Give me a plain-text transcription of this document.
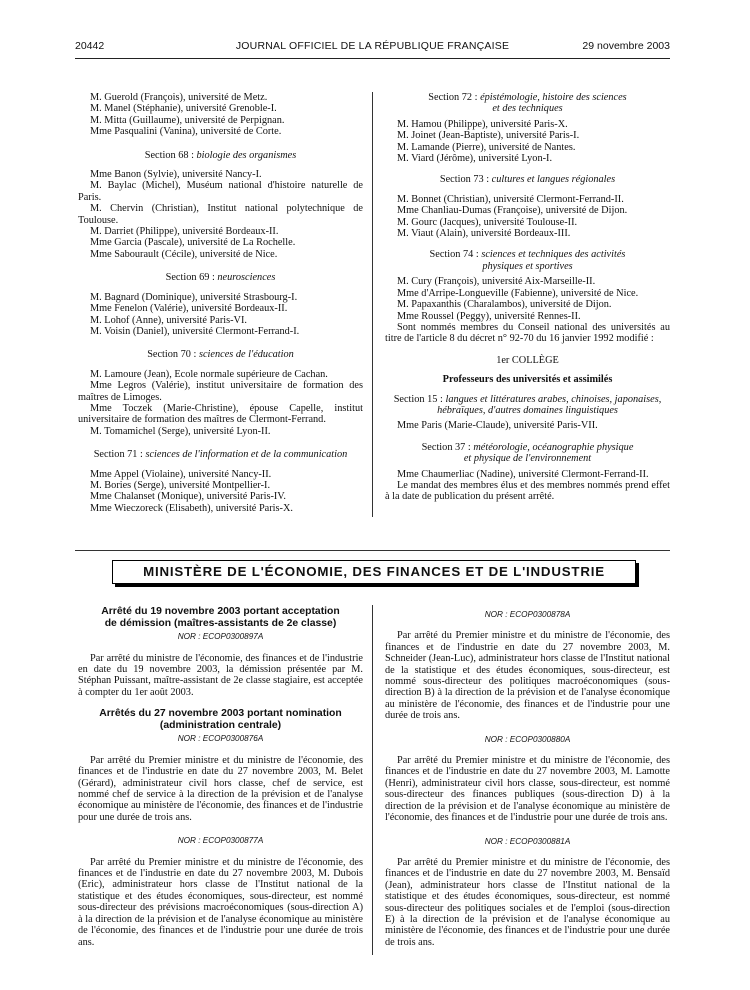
20442	JOURNAL OFFICIEL DE LA RÉPUBLIQUE FRANÇAISE	29 novembre 2003

M. Guerold (François), université de Metz.

M. Manel (Stéphanie), université Grenoble-I.

M. Mitta (Guillaume), université de Perpignan.

Mme Pasqualini (Vanina), université de Corte.

Section 68 : biologie des organismes

Mme Banon (Sylvie), université Nancy-I.

M. Baylac (Michel), Muséum national d'histoire naturelle de Paris.

M. Chervin (Christian), Institut national polytechnique de Toulouse.

M. Darriet (Philippe), université Bordeaux-II.

Mme Garcia (Pascale), université de La Rochelle.

Mme Sabourault (Cécile), université de Nice.

Section 69 : neurosciences

M. Bagnard (Dominique), université Strasbourg-I.

Mme Fenelon (Valérie), université Bordeaux-II.

M. Lohof (Anne), université Paris-VI.

M. Voisin (Daniel), université Clermont-Ferrand-I.

Section 70 : sciences de l'éducation

M. Lamoure (Jean), Ecole normale supérieure de Cachan.

Mme Legros (Valérie), institut universitaire de formation des maîtres de Limoges.

Mme Toczek (Marie-Christine), épouse Capelle, institut universitaire de formation des maîtres de Clermont-Ferrand.

M. Tomamichel (Serge), université Lyon-II.

Section 71 : sciences de l'information et de la communication

Mme Appel (Violaine), université Nancy-II.

M. Bories (Serge), université Montpellier-I.

Mme Chalanset (Monique), université Paris-IV.

Mme Wieczoreck (Elisabeth), université Paris-X.

Section 72 : épistémologie, histoire des sciences

et des techniques

M. Hamou (Philippe), université Paris-X.

M. Joinet (Jean-Baptiste), université Paris-I.

M. Lamande (Pierre), université de Nantes.

M. Viard (Jérôme), université Lyon-I.

Section 73 : cultures et langues régionales

M. Bonnet (Christian), université Clermont-Ferrand-II.

Mme Chanliau-Dumas (Françoise), université de Dijon.

M. Gourc (Jacques), université Toulouse-II.

M. Viaut (Alain), université Bordeaux-III.

Section 74 : sciences et techniques des activités

physiques et sportives

M. Cury (François), université Aix-Marseille-II.

Mme d'Arripe-Longueville (Fabienne), université de Nice.

M. Papaxanthis (Charalambos), université de Dijon.

Mme Roussel (Peggy), université Rennes-II.

Sont nommés membres du Conseil national des universités au titre de l'article 8 du décret n° 92-70 du 16 janvier 1992 modifié :

1er COLLÈGE

Professeurs des universités et assimilés

Section 15 : langues et littératures arabes, chinoises, japonaises,

hébraïques, d'autres domaines linguistiques

Mme Paris (Marie-Claude), université Paris-VII.

Section 37 : météorologie, océanographie physique

et physique de l'environnement

Mme Chaumerliac (Nadine), université Clermont-Ferrand-II.

Le mandat des membres élus et des membres nommés prend effet à la date de publication du présent arrêté.

MINISTÈRE DE L'ÉCONOMIE, DES FINANCES ET DE L'INDUSTRIE

Arrêté du 19 novembre 2003 portant acceptation

de démission (maîtres-assistants de 2e classe)

NOR : ECOP0300897A

Par arrêté du ministre de l'économie, des finances et de l'industrie en date du 19 novembre 2003, la démission présentée par M. Stéphan Puissant, maître-assistant de 2e classe stagiaire, est acceptée à compter du 1er août 2003.

Arrêtés du 27 novembre 2003 portant nomination

(administration centrale)

NOR : ECOP0300876A

Par arrêté du Premier ministre et du ministre de l'économie, des finances et de l'industrie en date du 27 novembre 2003, M. Belet (Gérard), administrateur civil hors classe, chef de service, est nommé chef de service à la direction de la prévision et de l'analyse économique au ministère de l'économie, des finances et de l'industrie pour une durée de trois ans.

NOR : ECOP0300877A

Par arrêté du Premier ministre et du ministre de l'économie, des finances et de l'industrie en date du 27 novembre 2003, M. Dubois (Eric), administrateur hors classe de l'Institut national de la statistique et des études économiques, sous-directeur, est nommé sous-directeur des prévisions macroéconomiques (sous-direction A) à la direction de la prévision et de l'analyse économique au ministère de l'économie, des finances et de l'industrie pour une durée de trois ans.

NOR : ECOP0300878A

Par arrêté du Premier ministre et du ministre de l'économie, des finances et de l'industrie en date du 27 novembre 2003, M. Schneider (Jean-Luc), administrateur hors classe de l'Institut national de la statistique et des études économiques, sous-directeur, est nommé sous-directeur des politiques macroéconomiques (sous-direction B) à la direction de la prévision et de l'analyse économique au ministère de l'économie, des finances et de l'industrie pour une durée de trois ans.

NOR : ECOP0300880A

Par arrêté du Premier ministre et du ministre de l'économie, des finances et de l'industrie en date du 27 novembre 2003, M. Lamotte (Henri), administrateur civil hors classe, sous-directeur, est nommé sous-directeur des finances publiques (sous-direction D) à la direction de la prévision et de l'analyse économique au ministère de l'économie, des finances et de l'industrie pour une durée de trois ans.

NOR : ECOP0300881A

Par arrêté du Premier ministre et du ministre de l'économie, des finances et de l'industrie en date du 27 novembre 2003, M. Bensaïd (Jean), administrateur hors classe de l'Institut national de la statistique et des études économiques, sous-directeur, est nommé sous-directeur des politiques sociales et de l'emploi (sous-direction E) à la direction de la prévision et de l'analyse économique au ministère de l'économie, des finances et de l'industrie pour une durée de trois ans.
